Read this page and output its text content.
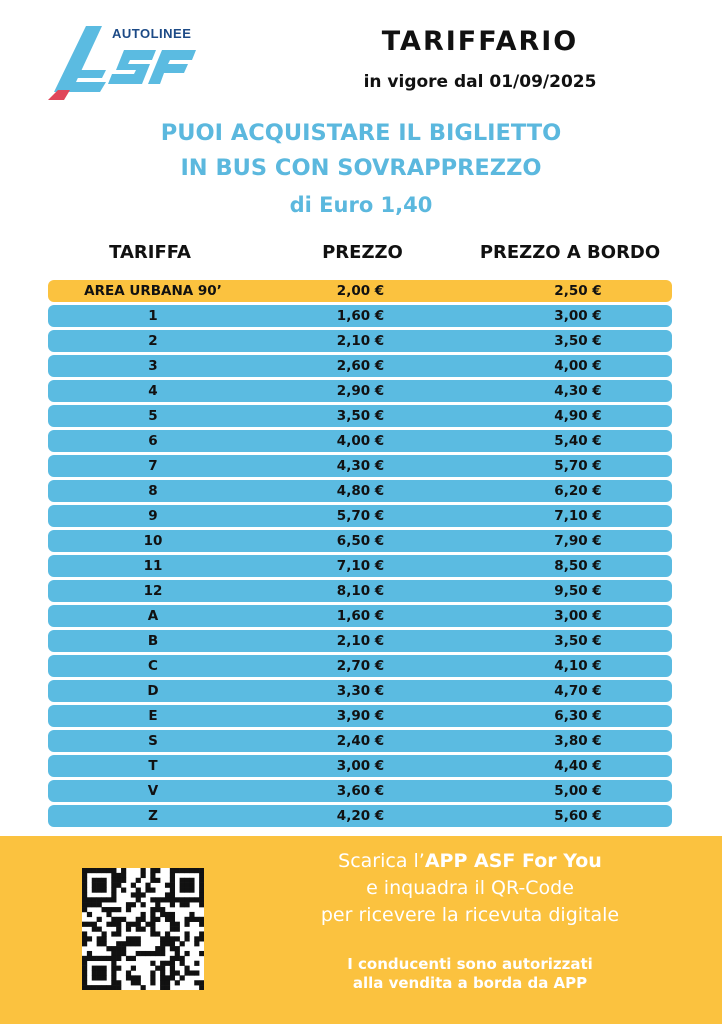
AUTOLINEE	TARIFFARIO
in vigore dal 01/09/2025
PUOI ACQUISTARE IL BIGLIETTO
IN BUS CON SOVRAPPREZZO
di Euro 1,40
TARIFFA	PREZZO	PREZZO A BORDO
AREA URBANA 90’	2,00 €	2,50 €
1	1,60 €	3,00 €
2	2,10 €	3,50 €
3	2,60 €	4,00 €
4	2,90 €	4,30 €
5	3,50 €	4,90 €
6	4,00 €	5,40 €
7	4,30 €	5,70 €
8	4,80 €	6,20 €
9	5,70 €	7,10 €
10	6,50 €	7,90 €
11	7,10 €	8,50 €
12	8,10 €	9,50 €
A	1,60 €	3,00 €
B	2,10 €	3,50 €
C	2,70 €	4,10 €
D	3,30 €	4,70 €
E	3,90 €	6,30 €
S	2,40 €	3,80 €
T	3,00 €	4,40 €
V	3,60 €	5,00 €
Z	4,20 €	5,60 €
Scarica l’APP ASF For You
e inquadra il QR-Code
per ricevere la ricevuta digitale
I conducenti sono autorizzati
alla vendita a borda da APP
